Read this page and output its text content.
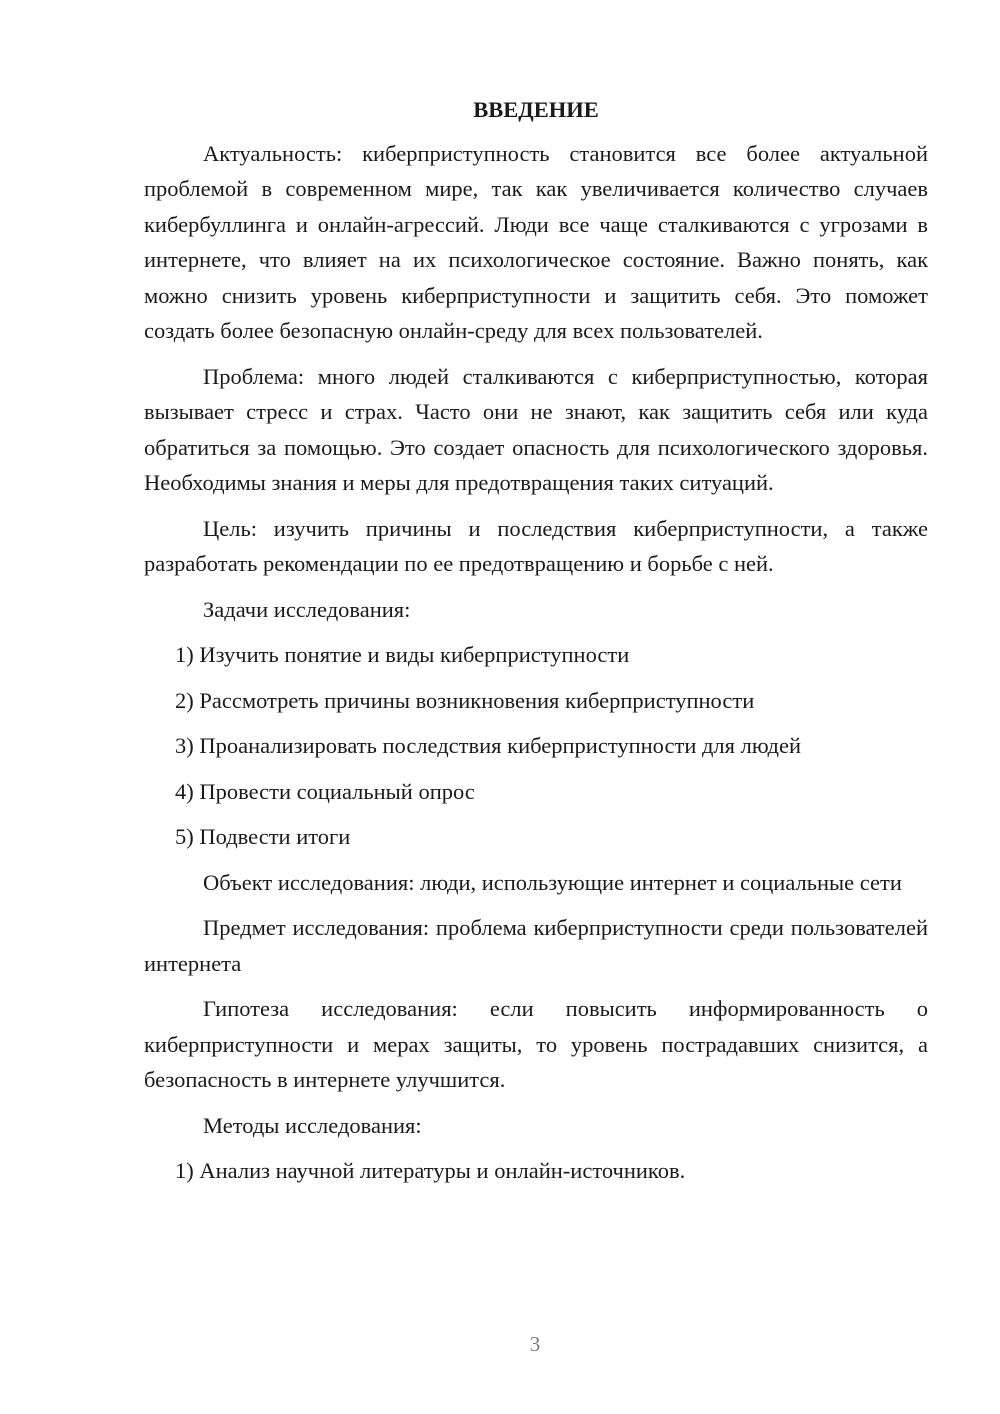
ВВЕДЕНИЕ

Актуальность: киберприступность становится все более актуальной проблемой в современном мире, так как увеличивается количество случаев кибербуллинга и онлайн-агрессий. Люди все чаще сталкиваются с угрозами в интернете, что влияет на их психологическое состояние. Важно понять, как можно снизить уровень киберприступности и защитить себя. Это поможет создать более безопасную онлайн-среду для всех пользователей.

Проблема: много людей сталкиваются с киберприступностью, которая вызывает стресс и страх. Часто они не знают, как защитить себя или куда обратиться за помощью. Это создает опасность для психологического здоровья. Необходимы знания и меры для предотвращения таких ситуаций.

Цель: изучить причины и последствия киберприступности, а также разработать рекомендации по ее предотвращению и борьбе с ней.

Задачи исследования:

1) Изучить понятие и виды киберприступности
2) Рассмотреть причины возникновения киберприступности
3) Проанализировать последствия киберприступности для людей
4) Провести социальный опрос
5) Подвести итоги

Объект исследования: люди, использующие интернет и социальные сети

Предмет исследования: проблема киберприступности среди пользователей интернета

Гипотеза исследования: если повысить информированность о киберприступности и мерах защиты, то уровень пострадавших снизится, а безопасность в интернете улучшится.

Методы исследования:

1) Анализ научной литературы и онлайн-источников.
3
